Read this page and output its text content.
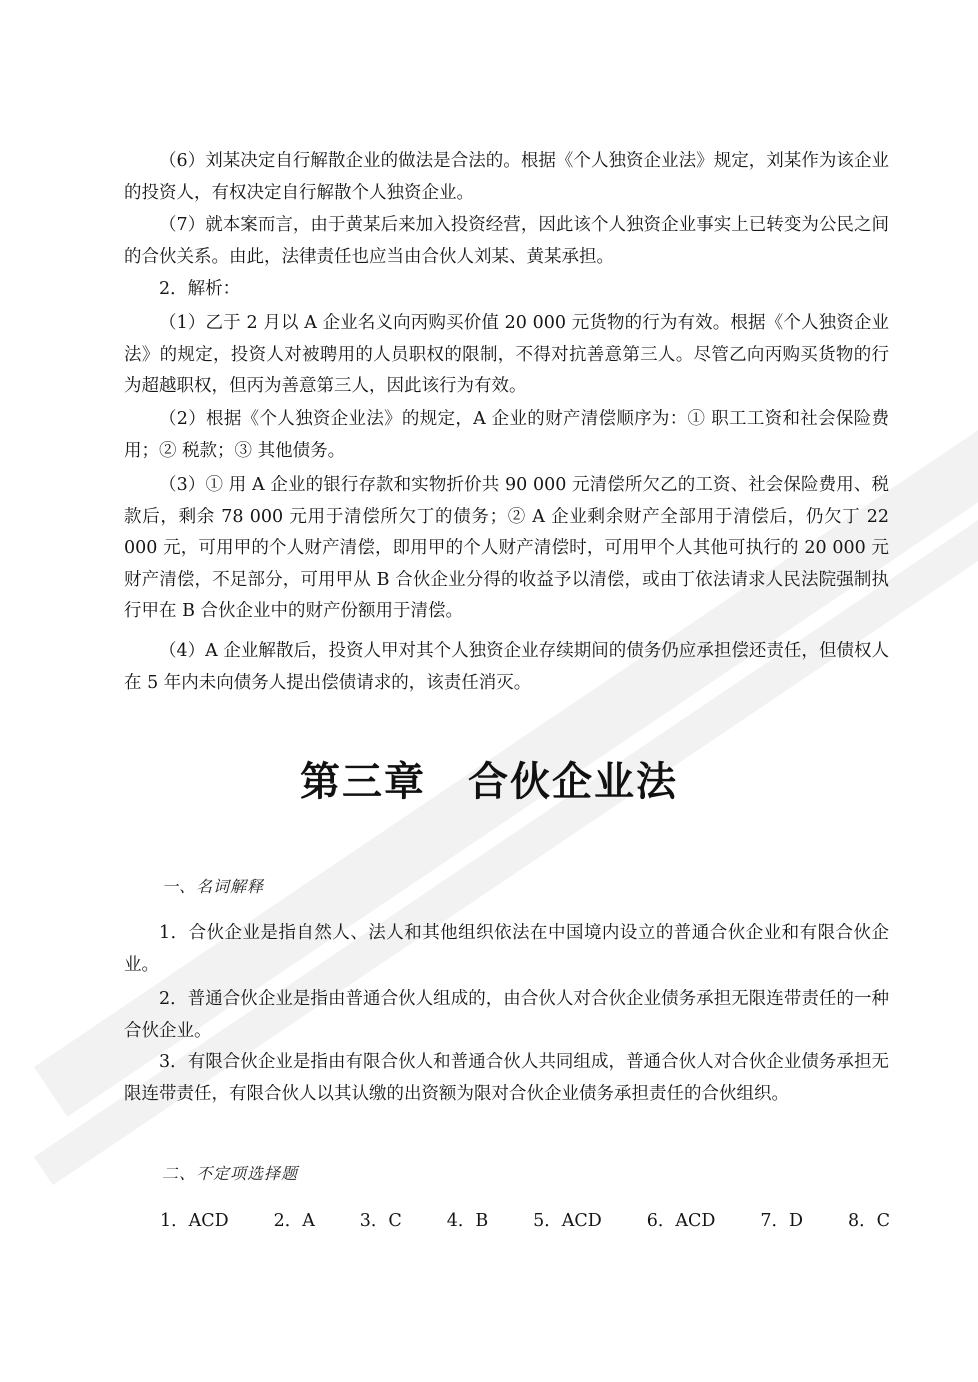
（6）刘某决定自行解散企业的做法是合法的。根据《个人独资企业法》规定，刘某作为该企业的投资人，有权决定自行解散个人独资企业。

（7）就本案而言，由于黄某后来加入投资经营，因此该个人独资企业事实上已转变为公民之间的合伙关系。由此，法律责任也应当由合伙人刘某、黄某承担。

2．解析：

（1）乙于 2 月以 A 企业名义向丙购买价值 20 000 元货物的行为有效。根据《个人独资企业法》的规定，投资人对被聘用的人员职权的限制，不得对抗善意第三人。尽管乙向丙购买货物的行为超越职权，但丙为善意第三人，因此该行为有效。

（2）根据《个人独资企业法》的规定，A 企业的财产清偿顺序为：① 职工工资和社会保险费用；② 税款；③ 其他债务。

（3）① 用 A 企业的银行存款和实物折价共 90 000 元清偿所欠乙的工资、社会保险费用、税款后，剩余 78 000 元用于清偿所欠丁的债务；② A 企业剩余财产全部用于清偿后，仍欠丁 22 000 元，可用甲的个人财产清偿，即用甲的个人财产清偿时，可用甲个人其他可执行的 20 000 元财产清偿，不足部分，可用甲从 B 合伙企业分得的收益予以清偿，或由丁依法请求人民法院强制执行甲在 B 合伙企业中的财产份额用于清偿。

（4）A 企业解散后，投资人甲对其个人独资企业存续期间的债务仍应承担偿还责任，但债权人在 5 年内未向债务人提出偿债请求的，该责任消灭。

第三章　合伙企业法

一、名词解释

1．合伙企业是指自然人、法人和其他组织依法在中国境内设立的普通合伙企业和有限合伙企业。

2．普通合伙企业是指由普通合伙人组成的，由合伙人对合伙企业债务承担无限连带责任的一种合伙企业。

3．有限合伙企业是指由有限合伙人和普通合伙人共同组成，普通合伙人对合伙企业债务承担无限连带责任，有限合伙人以其认缴的出资额为限对合伙企业债务承担责任的合伙组织。

二、不定项选择题

1．ACD	2．A	3．C	4．B	5．ACD	6．ACD	7．D	8．C
